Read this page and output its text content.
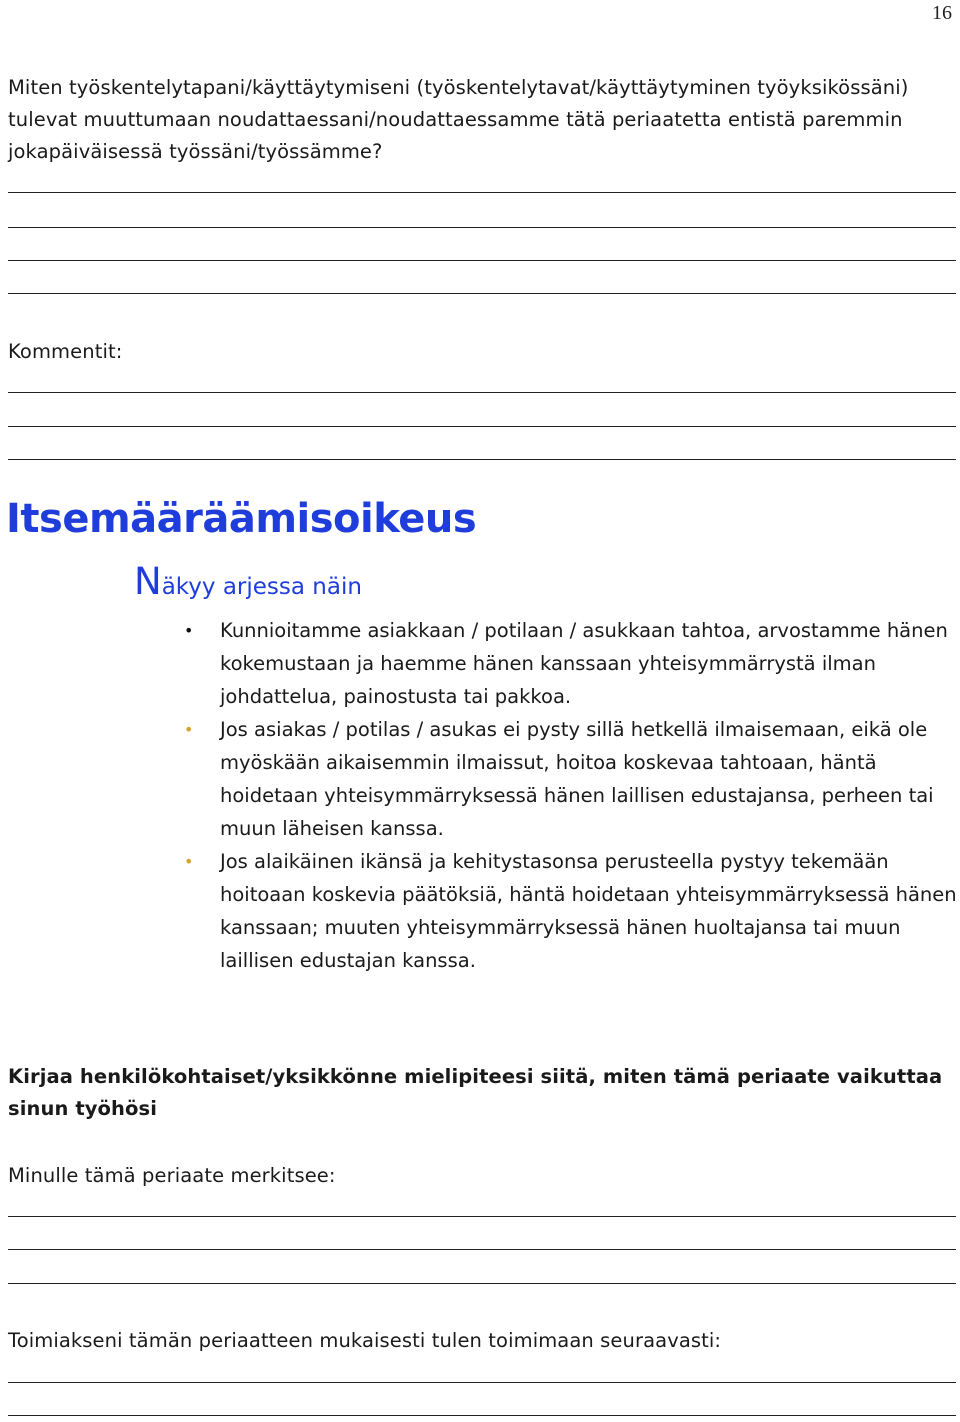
16
Miten työskentelytapani/käyttäytymiseni (työskentelytavat/käyttäytyminen työyksikössäni) tulevat muuttumaan noudattaessani/noudattaessamme tätä periaatetta entistä paremmin jokapäiväisessä työssäni/työssämme?
Kommentit:
Itsemääräämisoikeus
Näkyy arjessa näin
• Kunnioitamme asiakkaan / potilaan / asukkaan tahtoa, arvostamme hänen kokemustaan ja haemme hänen kanssaan yhteisymmärrystä ilman johdattelua, painostusta tai pakkoa.
• Jos asiakas / potilas / asukas ei pysty sillä hetkellä ilmaisemaan, eikä ole myöskään aikaisemmin ilmaissut, hoitoa koskevaa tahtoaan, häntä hoidetaan yhteisymmärryksessä hänen laillisen edustajansa, perheen tai muun läheisen kanssa.
• Jos alaikäinen ikänsä ja kehitystasonsa perusteella pystyy tekemään hoitoaan koskevia päätöksiä, häntä hoidetaan yhteisymmärryksessä hänen kanssaan; muuten yhteisymmärryksessä hänen huoltajansa tai muun laillisen edustajan kanssa.
Kirjaa henkilökohtaiset/yksikkönne mielipiteesi siitä, miten tämä periaate vaikuttaa sinun työhösi
Minulle tämä periaate merkitsee:
Toimiakseni tämän periaatteen mukaisesti tulen toimimaan seuraavasti:
